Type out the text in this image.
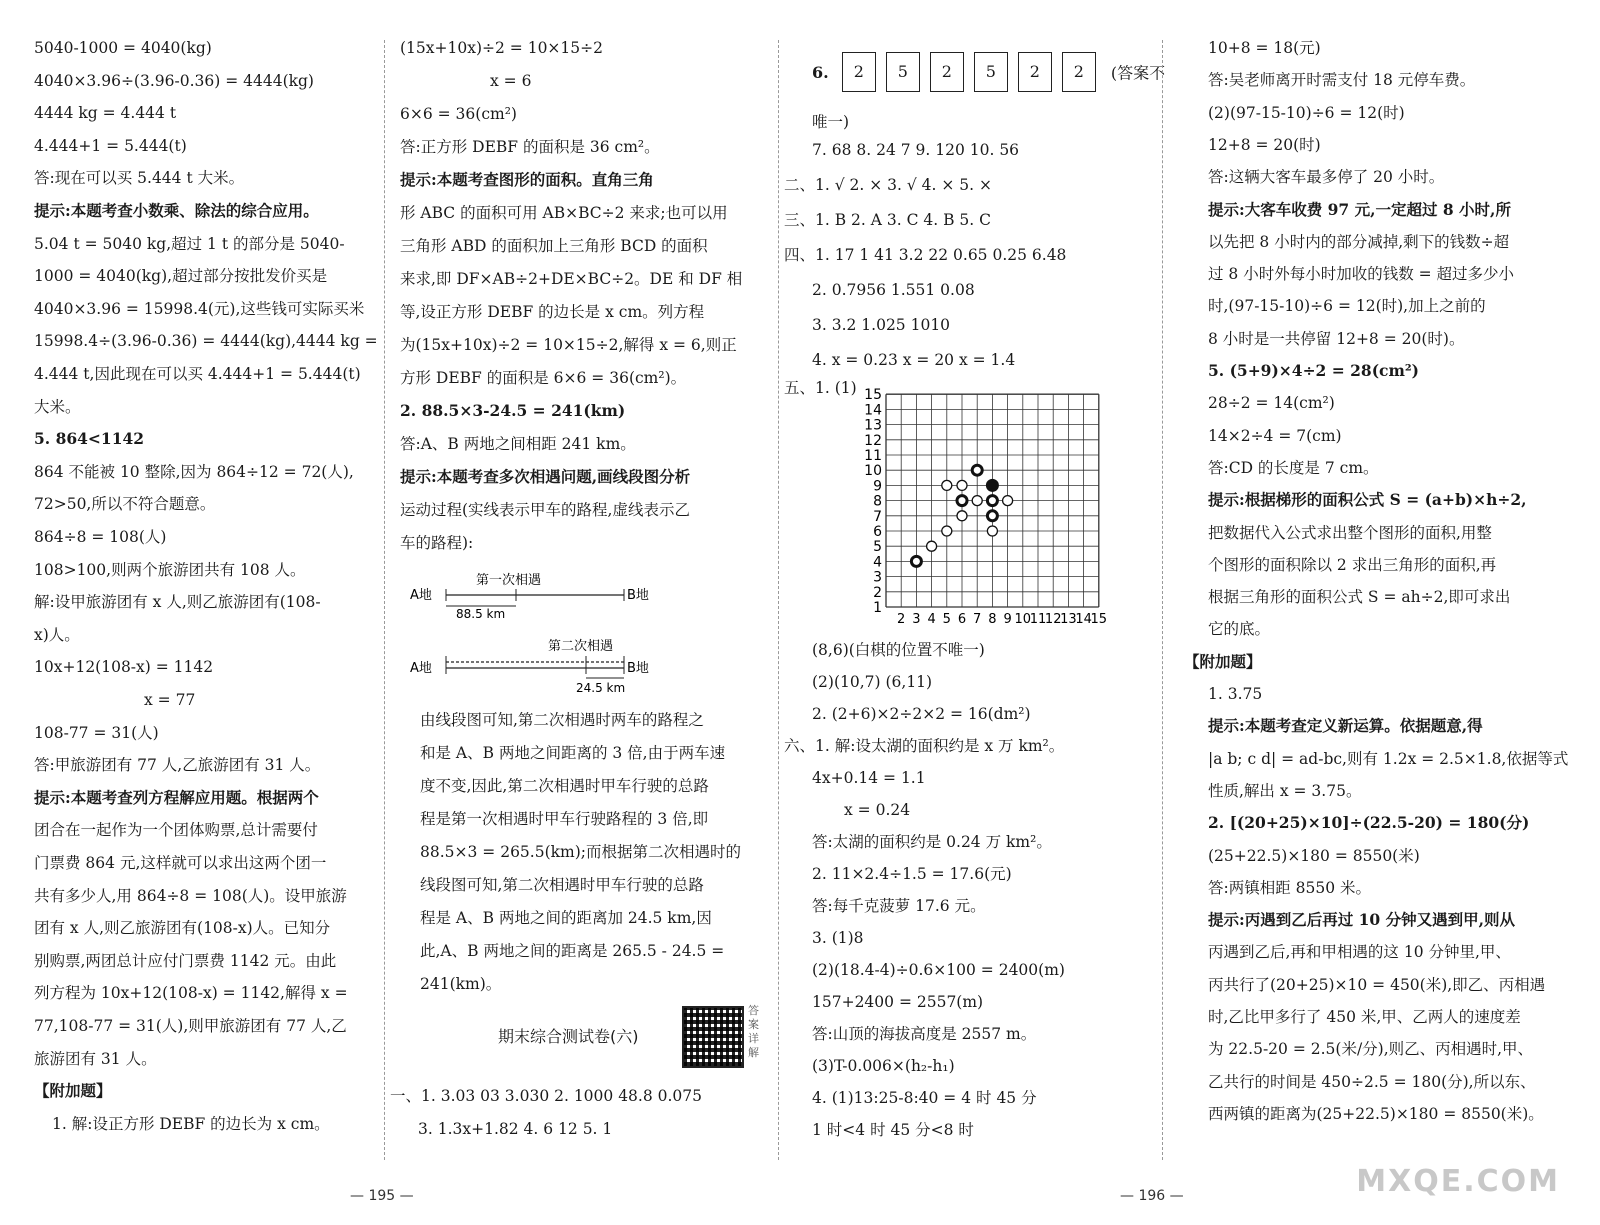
5040-1000 = 4040(kg)
4040×3.96÷(3.96-0.36) = 4444(kg)
4444 kg = 4.444 t
4.444+1 = 5.444(t)
答:现在可以买 5.444 t 大米。
提示:本题考查小数乘、除法的综合应用。
5.04 t = 5040 kg,超过 1 t 的部分是 5040-
1000 = 4040(kg),超过部分按批发价买是
4040×3.96 = 15998.4(元),这些钱可实际买米
15998.4÷(3.96-0.36) = 4444(kg),4444 kg =
4.444 t,因此现在可以买 4.444+1 = 5.444(t)
大米。
5. 864<1142
864 不能被 10 整除,因为 864÷12 = 72(人),
72>50,所以不符合题意。
864÷8 = 108(人)
108>100,则两个旅游团共有 108 人。
解:设甲旅游团有 x 人,则乙旅游团有(108-
x)人。
10x+12(108-x) = 1142
x = 77
108-77 = 31(人)
答:甲旅游团有 77 人,乙旅游团有 31 人。
提示:本题考查列方程解应用题。根据两个
团合在一起作为一个团体购票,总计需要付
门票费 864 元,这样就可以求出这两个团一
共有多少人,用 864÷8 = 108(人)。设甲旅游
团有 x 人,则乙旅游团有(108-x)人。已知分
别购票,两团总计应付门票费 1142 元。由此
列方程为 10x+12(108-x) = 1142,解得 x =
77,108-77 = 31(人),则甲旅游团有 77 人,乙
旅游团有 31 人。
【附加题】
1. 解:设正方形 DEBF 的边长为 x cm。
(15x+10x)÷2 = 10×15÷2
x = 6
6×6 = 36(cm²)
答:正方形 DEBF 的面积是 36 cm²。
提示:本题考查图形的面积。直角三角
形 ABC 的面积可用 AB×BC÷2 来求;也可以用
三角形 ABD 的面积加上三角形 BCD 的面积
来求,即 DF×AB÷2+DE×BC÷2。DE 和 DF 相
等,设正方形 DEBF 的边长是 x cm。列方程
为(15x+10x)÷2 = 10×15÷2,解得 x = 6,则正
方形 DEBF 的面积是 6×6 = 36(cm²)。
2. 88.5×3-24.5 = 241(km)
答:A、B 两地之间相距 241 km。
提示:本题考查多次相遇问题,画线段图分析
运动过程(实线表示甲车的路程,虚线表示乙
车的路程):
第一次相遇
A地	B地
88.5 km
第二次相遇
A地	B地
24.5 km
由线段图可知,第二次相遇时两车的路程之
和是 A、B 两地之间距离的 3 倍,由于两车速
度不变,因此,第二次相遇时甲车行驶的总路
程是第一次相遇时甲车行驶路程的 3 倍,即
88.5×3 = 265.5(km);而根据第二次相遇时的
线段图可知,第二次相遇时甲车行驶的总路
程是 A、B 两地之间的距离加 24.5 km,因
此,A、B 两地之间的距离是 265.5 - 24.5 =
241(km)。
期末综合测试卷(六)
答案详解
一、1. 3.03 03 3.030 2. 1000 48.8 0.075
3. 1.3x+1.82 4. 6 12 5. 1
6. 2 5 2 5 2 2 (答案不
唯一)
7. 68 8. 24 7 9. 120 10. 56
二、1. √ 2. × 3. √ 4. × 5. ×
三、1. B 2. A 3. C 4. B 5. C
四、1. 17 1 41 3.2 22 0.65 0.25 6.48
2. 0.7956 1.551 0.08
3. 3.2 1.025 1010
4. x = 0.23 x = 20 x = 1.4
五、1. (1) 15
14
13
12
11
10
9
8
7
6
5
4
3
2
1
2 3 4 5 6 7 8 9 10
11
12
13
14
15
(8,6)(白棋的位置不唯一)
(2)(10,7) (6,11)
2. (2+6)×2÷2×2 = 16(dm²)
六、1. 解:设太湖的面积约是 x 万 km²。
4x+0.14 = 1.1
x = 0.24
答:太湖的面积约是 0.24 万 km²。
2. 11×2.4÷1.5 = 17.6(元)
答:每千克菠萝 17.6 元。
3. (1)8
(2)(18.4-4)÷0.6×100 = 2400(m)
157+2400 = 2557(m)
答:山顶的海拔高度是 2557 m。
(3)T-0.006×(h₂-h₁)
4. (1)13:25-8:40 = 4 时 45 分
1 时<4 时 45 分<8 时
10+8 = 18(元)
答:吴老师离开时需支付 18 元停车费。
(2)(97-15-10)÷6 = 12(时)
12+8 = 20(时)
答:这辆大客车最多停了 20 小时。
提示:大客车收费 97 元,一定超过 8 小时,所
以先把 8 小时内的部分减掉,剩下的钱数÷超
过 8 小时外每小时加收的钱数 = 超过多少小
时,(97-15-10)÷6 = 12(时),加上之前的
8 小时是一共停留 12+8 = 20(时)。
5. (5+9)×4÷2 = 28(cm²)
28÷2 = 14(cm²)
14×2÷4 = 7(cm)
答:CD 的长度是 7 cm。
提示:根据梯形的面积公式 S = (a+b)×h÷2,
把数据代入公式求出整个图形的面积,用整
个图形的面积除以 2 求出三角形的面积,再
根据三角形的面积公式 S = ah÷2,即可求出
它的底。
【附加题】
1. 3.75
提示:本题考查定义新运算。依据题意,得
|a b; c d| = ad-bc,则有 1.2x = 2.5×1.8,依据等式
性质,解出 x = 3.75。
2. [(20+25)×10]÷(22.5-20) = 180(分)
(25+22.5)×180 = 8550(米)
答:两镇相距 8550 米。
提示:丙遇到乙后再过 10 分钟又遇到甲,则从
丙遇到乙后,再和甲相遇的这 10 分钟里,甲、
丙共行了(20+25)×10 = 450(米),即乙、丙相遇
时,乙比甲多行了 450 米,甲、乙两人的速度差
为 22.5-20 = 2.5(米/分),则乙、丙相遇时,甲、
乙共行的时间是 450÷2.5 = 180(分),所以东、
西两镇的距离为(25+22.5)×180 = 8550(米)。
— 195 —	— 196 —	MXQE.COM
